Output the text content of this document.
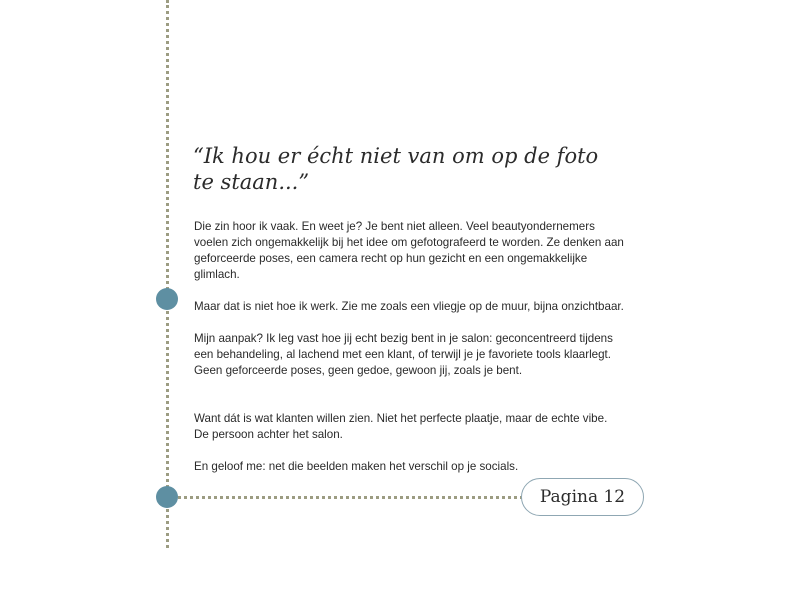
“Ik hou er écht niet van om op de foto te staan...”

Die zin hoor ik vaak. En weet je? Je bent niet alleen. Veel beautyondernemers voelen zich ongemakkelijk bij het idee om gefotografeerd te worden. Ze denken aan geforceerde poses, een camera recht op hun gezicht en een ongemakkelijke glimlach.

Maar dat is niet hoe ik werk. Zie me zoals een vliegje op de muur, bijna onzichtbaar.

Mijn aanpak? Ik leg vast hoe jij echt bezig bent in je salon: geconcentreerd tijdens een behandeling, al lachend met een klant, of terwijl je je favoriete tools klaarlegt. Geen geforceerde poses, geen gedoe, gewoon jij, zoals je bent.

Want dát is wat klanten willen zien. Niet het perfecte plaatje, maar de echte vibe. De persoon achter het salon.

En geloof me: net die beelden maken het verschil op je socials.

Pagina 12
